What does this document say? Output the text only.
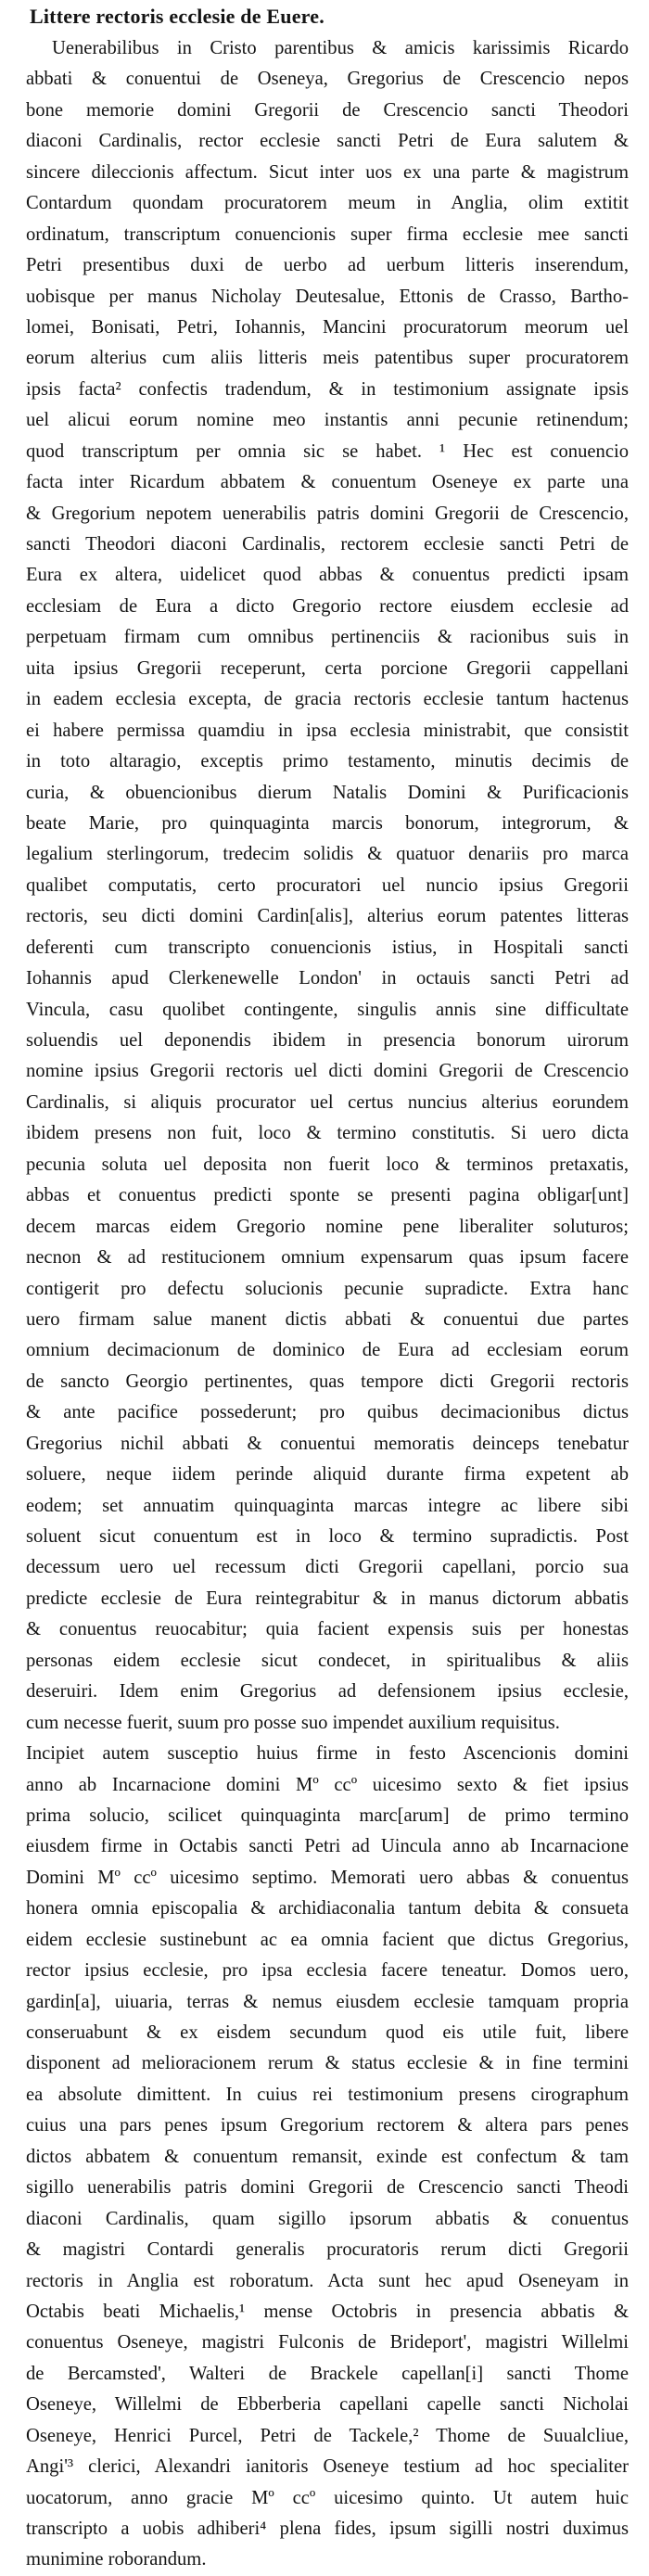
Littere rectoris ecclesie de Euere.
Uenerabilibus in Cristo parentibus & amicis karissimis Ricardo
abbati & conuentui de Oseneya, Gregorius de Crescencio nepos
bone memorie domini Gregorii de Crescencio sancti Theodori
diaconi Cardinalis, rector ecclesie sancti Petri de Eura salutem &
sincere dileccionis affectum. Sicut inter uos ex una parte & magistrum
Contardum quondam procuratorem meum in Anglia, olim extitit
ordinatum, transcriptum conuencionis super firma ecclesie mee sancti
Petri presentibus duxi de uerbo ad uerbum litteris inserendum,
uobisque per manus Nicholay Deutesalue, Ettonis de Crasso, Bartho-
lomei, Bonisati, Petri, Iohannis, Mancini procuratorum meorum uel
eorum alterius cum aliis litteris meis patentibus super procuratorem
ipsis facta² confectis tradendum, & in testimonium assignate ipsis
uel alicui eorum nomine meo instantis anni pecunie retinendum;
quod transcriptum per omnia sic se habet. ¹ Hec est conuencio
facta inter Ricardum abbatem & conuentum Oseneye ex parte una
& Gregorium nepotem uenerabilis patris domini Gregorii de Crescencio,
sancti Theodori diaconi Cardinalis, rectorem ecclesie sancti Petri de
Eura ex altera, uidelicet quod abbas & conuentus predicti ipsam
ecclesiam de Eura a dicto Gregorio rectore eiusdem ecclesie ad
perpetuam firmam cum omnibus pertinenciis & racionibus suis in
uita ipsius Gregorii receperunt, certa porcione Gregorii cappellani
in eadem ecclesia excepta, de gracia rectoris ecclesie tantum hactenus
ei habere permissa quamdiu in ipsa ecclesia ministrabit, que consistit
in toto altaragio, exceptis primo testamento, minutis decimis de
curia, & obuencionibus dierum Natalis Domini & Purificacionis
beate Marie, pro quinquaginta marcis bonorum, integrorum, &
legalium sterlingorum, tredecim solidis & quatuor denariis pro marca
qualibet computatis, certo procuratori uel nuncio ipsius Gregorii
rectoris, seu dicti domini Cardin[alis], alterius eorum patentes litteras
deferenti cum transcripto conuencionis istius, in Hospitali sancti
Iohannis apud Clerkenewelle London' in octauis sancti Petri ad
Vincula, casu quolibet contingente, singulis annis sine difficultate
soluendis uel deponendis ibidem in presencia bonorum uirorum
nomine ipsius Gregorii rectoris uel dicti domini Gregorii de Crescencio
Cardinalis, si aliquis procurator uel certus nuncius alterius eorundem
ibidem presens non fuit, loco & termino constitutis. Si uero dicta
pecunia soluta uel deposita non fuerit loco & terminos pretaxatis,
abbas et conuentus predicti sponte se presenti pagina obligar[unt]
decem marcas eidem Gregorio nomine pene liberaliter soluturos;
necnon & ad restitucionem omnium expensarum quas ipsum facere
contigerit pro defectu solucionis pecunie supradicte. Extra hanc
uero firmam salue manent dictis abbati & conuentui due partes
omnium decimacionum de dominico de Eura ad ecclesiam eorum
de sancto Georgio pertinentes, quas tempore dicti Gregorii rectoris
& ante pacifice possederunt; pro quibus decimacionibus dictus
Gregorius nichil abbati & conuentui memoratis deinceps tenebatur
soluere, neque iidem perinde aliquid durante firma expetent ab
eodem; set annuatim quinquaginta marcas integre ac libere sibi
soluent sicut conuentum est in loco & termino supradictis. Post
decessum uero uel recessum dicti Gregorii capellani, porcio sua
predicte ecclesie de Eura reintegrabitur & in manus dictorum abbatis
& conuentus reuocabitur; quia facient expensis suis per honestas
personas eidem ecclesie sicut condecet, in spiritualibus & aliis
deseruiri. Idem enim Gregorius ad defensionem ipsius ecclesie,
cum necesse fuerit, suum pro posse suo impendet auxilium requisitus.
Incipiet autem susceptio huius firme in festo Ascencionis domini
anno ab Incarnacione domini Mº ccº uicesimo sexto & fiet ipsius
prima solucio, scilicet quinquaginta marc[arum] de primo termino
eiusdem firme in Octabis sancti Petri ad Uincula anno ab Incarnacione
Domini Mº ccº uicesimo septimo. Memorati uero abbas & conuentus
honera omnia episcopalia & archidiaconalia tantum debita & consueta
eidem ecclesie sustinebunt ac ea omnia facient que dictus Gregorius,
rector ipsius ecclesie, pro ipsa ecclesia facere teneatur. Domos uero,
gardin[a], uiuaria, terras & nemus eiusdem ecclesie tamquam propria
conseruabunt & ex eisdem secundum quod eis utile fuit, libere
disponent ad melioracionem rerum & status ecclesie & in fine termini
ea absolute dimittent. In cuius rei testimonium presens cirographum
cuius una pars penes ipsum Gregorium rectorem & altera pars penes
dictos abbatem & conuentum remansit, exinde est confectum & tam
sigillo uenerabilis patris domini Gregorii de Crescencio sancti Theodi
diaconi Cardinalis, quam sigillo ipsorum abbatis & conuentus
& magistri Contardi generalis procuratoris rerum dicti Gregorii
rectoris in Anglia est roboratum. Acta sunt hec apud Oseneyam in
Octabis beati Michaelis,¹ mense Octobris in presencia abbatis &
conuentus Oseneye, magistri Fulconis de Brideport', magistri Willelmi
de Bercamsted', Walteri de Brackele capellan[i] sancti Thome
Oseneye, Willelmi de Ebberberia capellani capelle sancti Nicholai
Oseneye, Henrici Purcel, Petri de Tackele,² Thome de Suualcliue,
Angi'³ clerici, Alexandri ianitoris Oseneye testium ad hoc specialiter
uocatorum, anno gracie Mº ccº uicesimo quinto. Ut autem huic
transcripto a uobis adhiberi⁴ plena fides, ipsum sigilli nostri duximus
munimine roborandum.
